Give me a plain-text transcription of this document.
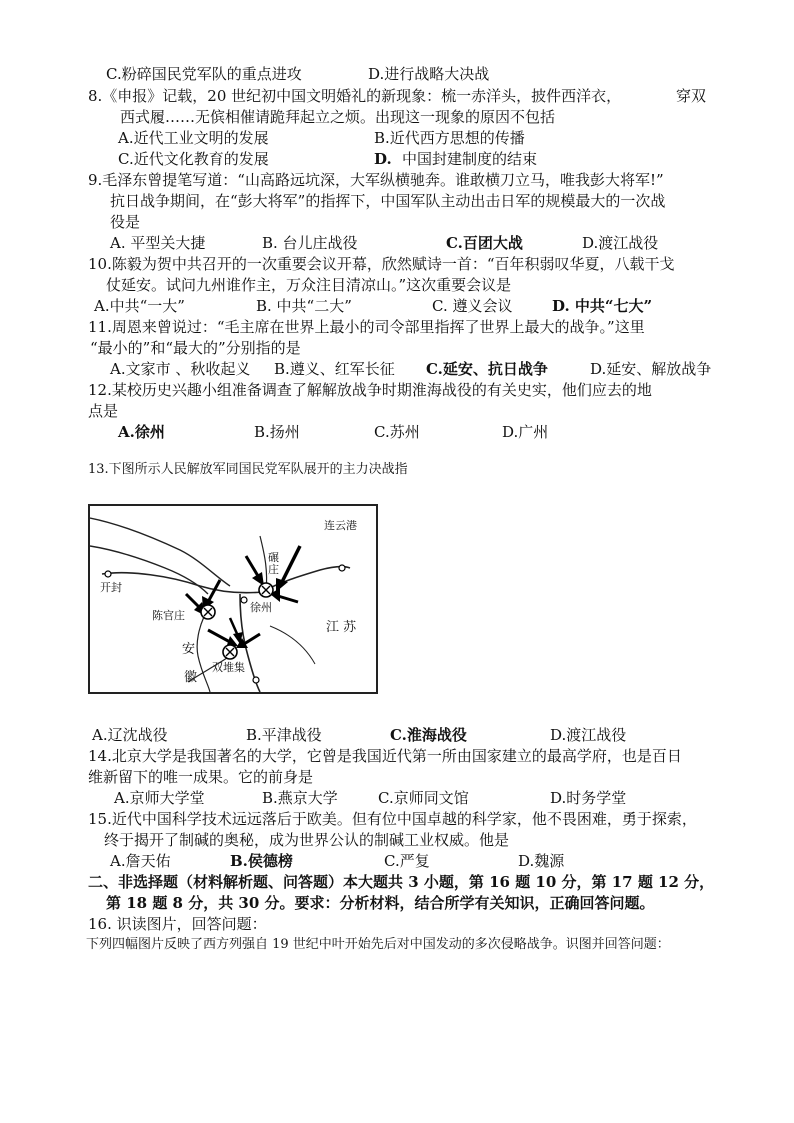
C.粉碎国民党军队的重点进攻	D.进行战略大决战
8.《申报》记载，20 世纪初中国文明婚礼的新现象：梳一赤洋头，披件西洋衣，	穿双
西式履……无傧相催请跪拜起立之烦。出现这一现象的原因不包括
A.近代工业文明的发展	B.近代西方思想的传播
C.近代文化教育的发展	D. 中国封建制度的结束
9.毛泽东曾提笔写道：“山高路远坑深，大军纵横驰奔。谁敢横刀立马，唯我彭大将军!”
抗日战争期间，在“彭大将军”的指挥下，中国军队主动出击日军的规模最大的一次战
役是
A. 平型关大捷	B. 台儿庄战役	C.百团大战	D.渡江战役
10.陈毅为贺中共召开的一次重要会议开幕，欣然赋诗一首：“百年积弱叹华夏，八载干戈
仗延安。试问九州谁作主，万众注目清凉山。”这次重要会议是
A.中共“一大”	B. 中共“二大”	C. 遵义会议	D. 中共“七大”
11.周恩来曾说过：“毛主席在世界上最小的司令部里指挥了世界上最大的战争。”这里
“最小的”和“最大的”分别指的是
A.文家市 、秋收起义 B.遵义、红军长征 C.延安、抗日战争	D.延安、解放战争
12.某校历史兴趣小组准备调查了解解放战争时期淮海战役的有关史实，他们应去的地
点是
A.徐州	B.扬州	C.苏州	D.广州
13.下图所示人民解放军同国民党军队展开的主力决战指
开封
连云港
碾
庄
徐州
陈官庄
江 苏
安
徽
双堆集
A.辽沈战役	B.平津战役	C.淮海战役	D.渡江战役
14.北京大学是我国著名的大学，它曾是我国近代第一所由国家建立的最高学府，也是百日
维新留下的唯一成果。它的前身是
A.京师大学堂	B.燕京大学	C.京师同文馆	D.时务学堂
15.近代中国科学技术远远落后于欧美。但有位中国卓越的科学家，他不畏困难，勇于探索，
终于揭开了制碱的奥秘，成为世界公认的制碱工业权威。他是
A.詹天佑	B.侯德榜	C.严复	D.魏源
二、非选择题（材料解析题、问答题）本大题共 3 小题，第 16 题 10 分，第 17 题 12 分，
第 18 题 8 分，共 30 分。要求：分析材料，结合所学有关知识，正确回答问题。
16. 识读图片，回答问题：
下列四幅图片反映了西方列强自 19 世纪中叶开始先后对中国发动的多次侵略战争。识图并回答问题：
